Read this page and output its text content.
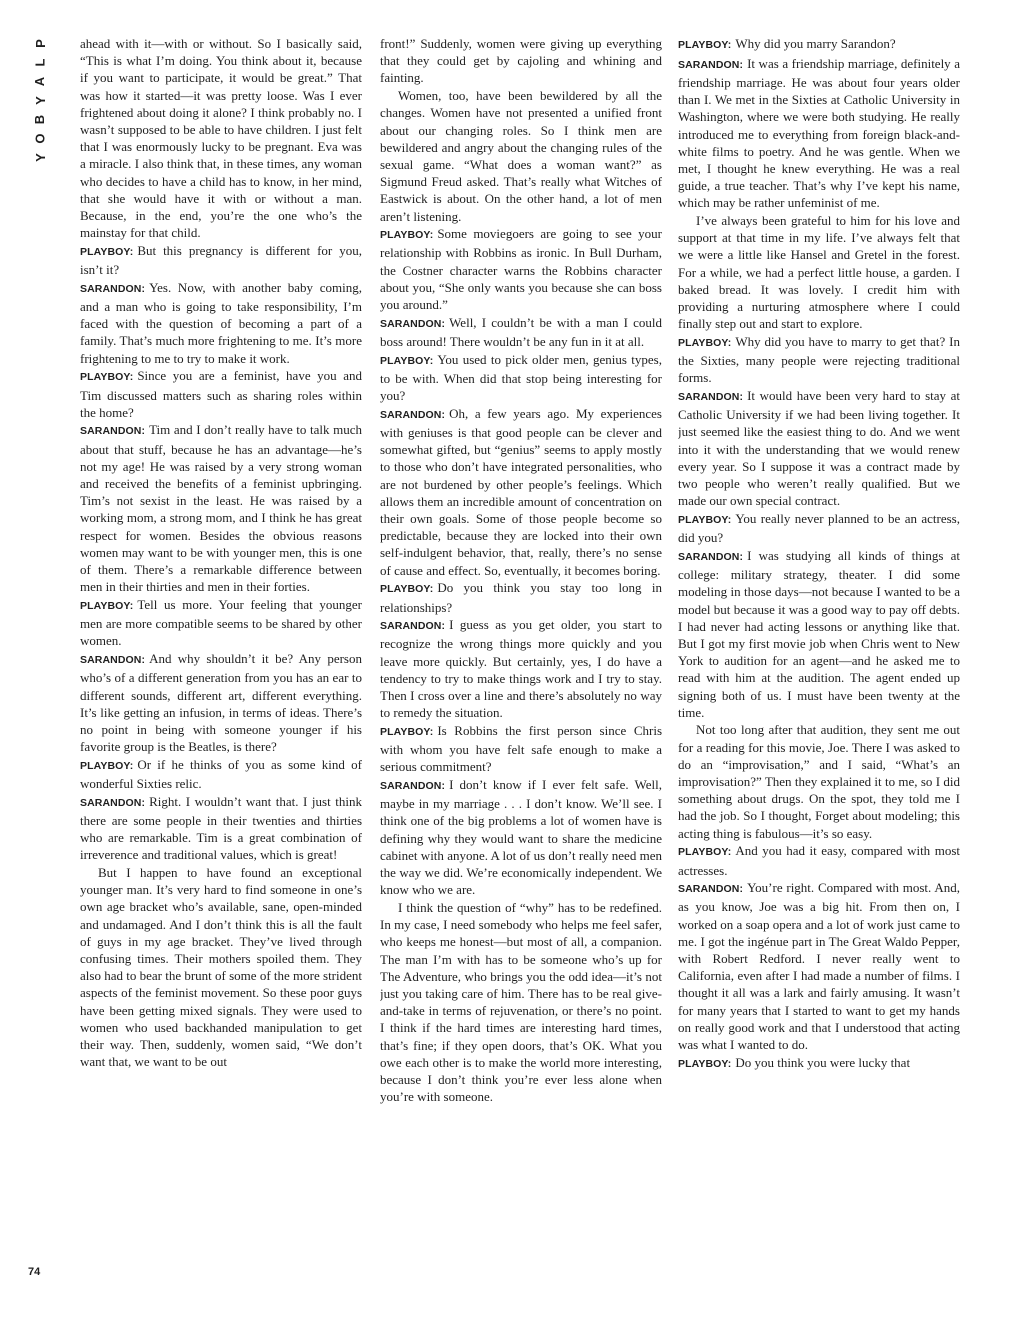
P
L
A
Y
B
O
Y
74

ahead with it—with or without. So I basically said, “This is what I’m doing. You think about it, because if you want to participate, it would be great.” That was how it started—it was pretty loose. Was I ever frightened about doing it alone? I think probably no. I wasn’t supposed to be able to have children. I just felt that I was enormously lucky to be pregnant. Eva was a miracle. I also think that, in these times, any woman who decides to have a child has to know, in her mind, that she would have it with or without a man. Because, in the end, you’re the one who’s the mainstay for that child.

PLAYBOY: But this pregnancy is different for you, isn’t it?

SARANDON: Yes. Now, with another baby coming, and a man who is going to take responsibility, I’m faced with the question of becoming a part of a family. That’s much more frightening to me. It’s more frightening to me to try to make it work.

PLAYBOY: Since you are a feminist, have you and Tim discussed matters such as sharing roles within the home?

SARANDON: Tim and I don’t really have to talk much about that stuff, because he has an advantage—he’s not my age! He was raised by a very strong woman and received the benefits of a feminist upbringing. Tim’s not sexist in the least. He was raised by a working mom, a strong mom, and I think he has great respect for women. Besides the obvious reasons women may want to be with younger men, this is one of them. There’s a remarkable difference between men in their thirties and men in their forties.

PLAYBOY: Tell us more. Your feeling that younger men are more compatible seems to be shared by other women.

SARANDON: And why shouldn’t it be? Any person who’s of a different generation from you has an ear to different sounds, different art, different everything. It’s like getting an infusion, in terms of ideas. There’s no point in being with someone younger if his favorite group is the Beatles, is there?

PLAYBOY: Or if he thinks of you as some kind of wonderful Sixties relic.

SARANDON: Right. I wouldn’t want that. I just think there are some people in their twenties and thirties who are remarkable. Tim is a great combination of irreverence and traditional values, which is great!

But I happen to have found an exceptional younger man. It’s very hard to find someone in one’s own age bracket who’s available, sane, open-minded and undamaged. And I don’t think this is all the fault of guys in my age bracket. They’ve lived through confusing times. Their mothers spoiled them. They also had to bear the brunt of some of the more strident aspects of the feminist movement. So these poor guys have been getting mixed signals. They were used to women who used backhanded manipulation to get their way. Then, suddenly, women said, “We don’t want that, we want to be out

front!” Suddenly, women were giving up everything that they could get by cajoling and whining and fainting.

Women, too, have been bewildered by all the changes. Women have not presented a unified front about our changing roles. So I think men are bewildered and angry about the changing rules of the sexual game. “What does a woman want?” as Sigmund Freud asked. That’s really what Witches of Eastwick is about. On the other hand, a lot of men aren’t listening.

PLAYBOY: Some moviegoers are going to see your relationship with Robbins as ironic. In Bull Durham, the Costner character warns the Robbins character about you, “She only wants you because she can boss you around.”

SARANDON: Well, I couldn’t be with a man I could boss around! There wouldn’t be any fun in it at all.

PLAYBOY: You used to pick older men, genius types, to be with. When did that stop being interesting for you?

SARANDON: Oh, a few years ago. My experiences with geniuses is that good people can be clever and somewhat gifted, but “genius” seems to apply mostly to those who don’t have integrated personalities, who are not burdened by other people’s feelings. Which allows them an incredible amount of concentration on their own goals. Some of those people become so predictable, because they are locked into their own self-indulgent behavior, that, really, there’s no sense of cause and effect. So, eventually, it becomes boring.

PLAYBOY: Do you think you stay too long in relationships?

SARANDON: I guess as you get older, you start to recognize the wrong things more quickly and you leave more quickly. But certainly, yes, I do have a tendency to try to make things work and I try to stay. Then I cross over a line and there’s absolutely no way to remedy the situation.

PLAYBOY: Is Robbins the first person since Chris with whom you have felt safe enough to make a serious commitment?

SARANDON: I don’t know if I ever felt safe. Well, maybe in my marriage . . . I don’t know. We’ll see. I think one of the big problems a lot of women have is defining why they would want to share the medicine cabinet with anyone. A lot of us don’t really need men the way we did. We’re economically independent. We know who we are.

I think the question of “why” has to be redefined. In my case, I need somebody who helps me feel safer, who keeps me honest—but most of all, a companion. The man I’m with has to be someone who’s up for The Adventure, who brings you the odd idea—it’s not just you taking care of him. There has to be real give-and-take in terms of rejuvenation, or there’s no point. I think if the hard times are interesting hard times, that’s fine; if they open doors, that’s OK. What you owe each other is to make the world more interesting, because I don’t think you’re ever less alone when you’re with someone.

PLAYBOY: Why did you marry Sarandon?

SARANDON: It was a friendship marriage, definitely a friendship marriage. He was about four years older than I. We met in the Sixties at Catholic University in Washington, where we were both studying. He really introduced me to everything from foreign black-and-white films to poetry. And he was gentle. When we met, I thought he knew everything. He was a real guide, a true teacher. That’s why I’ve kept his name, which may be rather unfeminist of me.

I’ve always been grateful to him for his love and support at that time in my life. I’ve always felt that we were a little like Hansel and Gretel in the forest. For a while, we had a perfect little house, a garden. I baked bread. It was lovely. I credit him with providing a nurturing atmosphere where I could finally step out and start to explore.

PLAYBOY: Why did you have to marry to get that? In the Sixties, many people were rejecting traditional forms.

SARANDON: It would have been very hard to stay at Catholic University if we had been living together. It just seemed like the easiest thing to do. And we went into it with the understanding that we would renew every year. So I suppose it was a contract made by two people who weren’t really qualified. But we made our own special contract.

PLAYBOY: You really never planned to be an actress, did you?

SARANDON: I was studying all kinds of things at college: military strategy, theater. I did some modeling in those days—not because I wanted to be a model but because it was a good way to pay off debts. I had never had acting lessons or anything like that. But I got my first movie job when Chris went to New York to audition for an agent—and he asked me to read with him at the audition. The agent ended up signing both of us. I must have been twenty at the time.

Not too long after that audition, they sent me out for a reading for this movie, Joe. There I was asked to do an “improvisation,” and I said, “What’s an improvisation?” Then they explained it to me, so I did something about drugs. On the spot, they told me I had the job. So I thought, Forget about modeling; this acting thing is fabulous—it’s so easy.

PLAYBOY: And you had it easy, compared with most actresses.

SARANDON: You’re right. Compared with most. And, as you know, Joe was a big hit. From then on, I worked on a soap opera and a lot of work just came to me. I got the ingénue part in The Great Waldo Pepper, with Robert Redford. I never really went to California, even after I had made a number of films. I thought it all was a lark and fairly amusing. It wasn’t for many years that I started to want to get my hands on really good work and that I understood that acting was what I wanted to do.

PLAYBOY: Do you think you were lucky that
